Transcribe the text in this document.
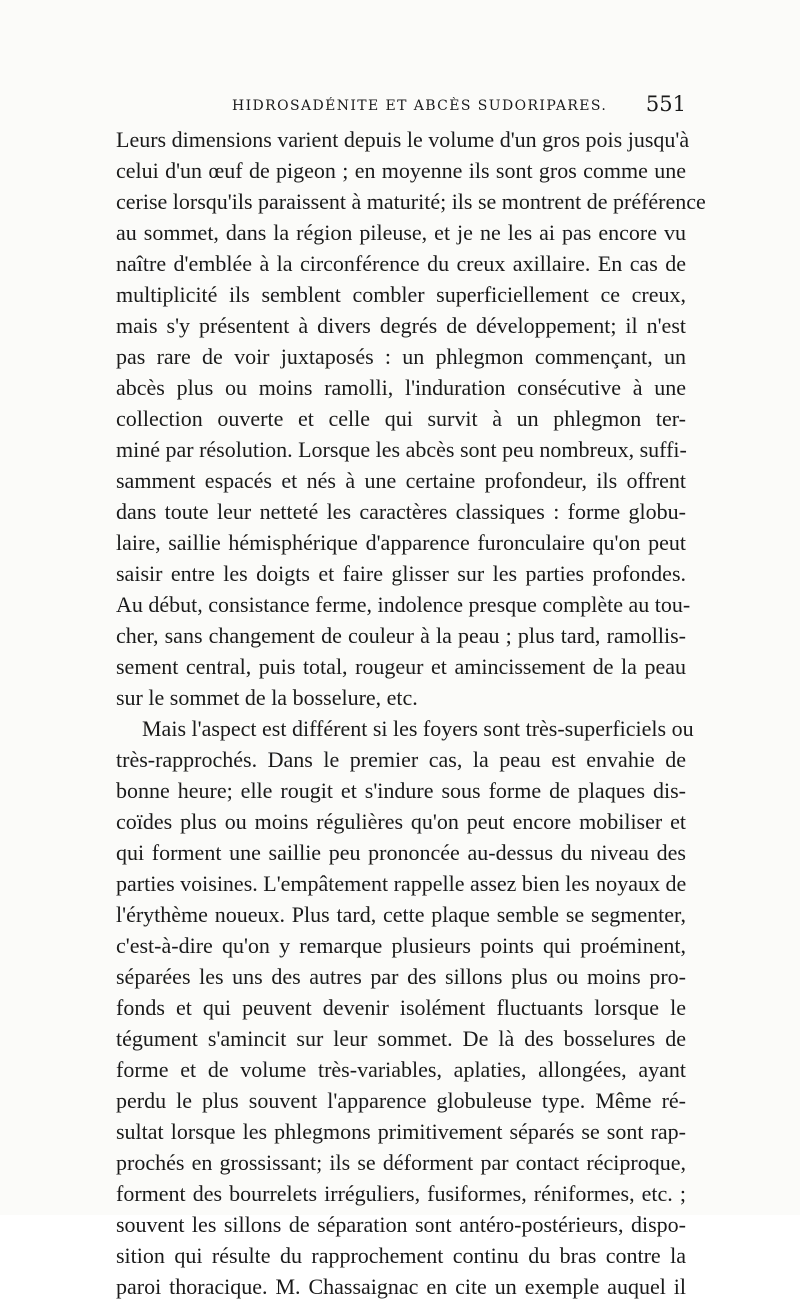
HIDROSADÉNITE ET ABCÈS SUDORIPARES. 551
Leurs dimensions varient depuis le volume d'un gros pois jusqu'à
celui d'un œuf de pigeon ; en moyenne ils sont gros comme une
cerise lorsqu'ils paraissent à maturité; ils se montrent de préférence
au sommet, dans la région pileuse, et je ne les ai pas encore vu
naître d'emblée à la circonférence du creux axillaire. En cas de
multiplicité ils semblent combler superficiellement ce creux,
mais s'y présentent à divers degrés de développement; il n'est
pas rare de voir juxtaposés : un phlegmon commençant, un
abcès plus ou moins ramolli, l'induration consécutive à une
collection ouverte et celle qui survit à un phlegmon ter-
miné par résolution. Lorsque les abcès sont peu nombreux, suffi-
samment espacés et nés à une certaine profondeur, ils offrent
dans toute leur netteté les caractères classiques : forme globu-
laire, saillie hémisphérique d'apparence furonculaire qu'on peut
saisir entre les doigts et faire glisser sur les parties profondes.
Au début, consistance ferme, indolence presque complète au tou-
cher, sans changement de couleur à la peau ; plus tard, ramollis-
sement central, puis total, rougeur et amincissement de la peau
sur le sommet de la bosselure, etc.
Mais l'aspect est différent si les foyers sont très-superficiels ou
très-rapprochés. Dans le premier cas, la peau est envahie de
bonne heure; elle rougit et s'indure sous forme de plaques dis-
coïdes plus ou moins régulières qu'on peut encore mobiliser et
qui forment une saillie peu prononcée au-dessus du niveau des
parties voisines. L'empâtement rappelle assez bien les noyaux de
l'érythème noueux. Plus tard, cette plaque semble se segmenter,
c'est-à-dire qu'on y remarque plusieurs points qui proéminent,
séparées les uns des autres par des sillons plus ou moins pro-
fonds et qui peuvent devenir isolément fluctuants lorsque le
tégument s'amincit sur leur sommet. De là des bosselures de
forme et de volume très-variables, aplaties, allongées, ayant
perdu le plus souvent l'apparence globuleuse type. Même ré-
sultat lorsque les phlegmons primitivement séparés se sont rap-
prochés en grossissant; ils se déforment par contact réciproque,
forment des bourrelets irréguliers, fusiformes, réniformes, etc. ;
souvent les sillons de séparation sont antéro-postérieurs, dispo-
sition qui résulte du rapprochement continu du bras contre la
paroi thoracique. M. Chassaignac en cite un exemple auquel il
